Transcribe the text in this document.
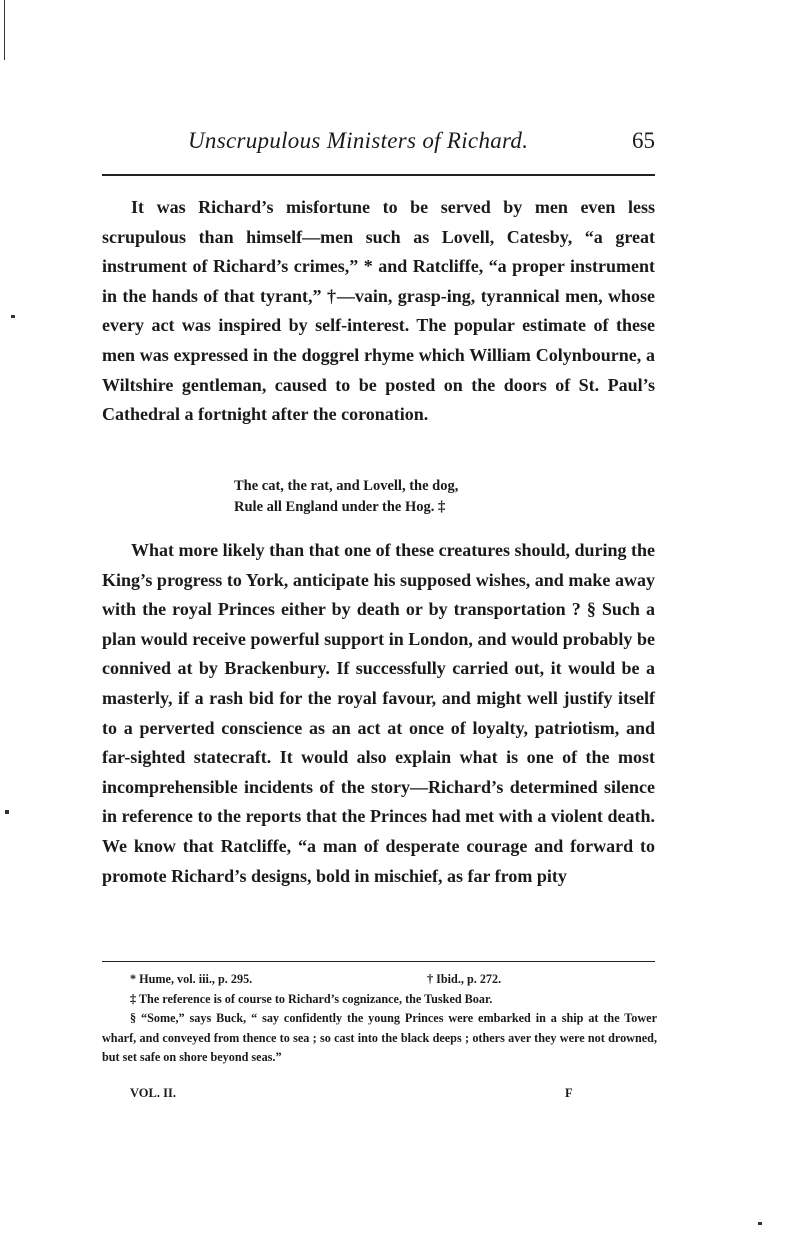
Unscrupulous Ministers of Richard.	65

It was Richard’s misfortune to be served by men even less scrupulous than himself—men such as Lovell, Catesby, “a great instrument of Richard’s crimes,” * and Ratcliffe, “a proper instrument in the hands of that tyrant,” †—vain, grasp-ing, tyrannical men, whose every act was inspired by self-interest. The popular estimate of these men was expressed in the doggrel rhyme which William Colynbourne, a Wiltshire gentleman, caused to be posted on the doors of St. Paul’s Cathedral a fortnight after the coronation.

The cat, the rat, and Lovell, the dog,
Rule all England under the Hog. ‡

What more likely than that one of these creatures should, during the King’s progress to York, anticipate his supposed wishes, and make away with the royal Princes either by death or by transportation ? § Such a plan would receive powerful support in London, and would probably be connived at by Brackenbury. If successfully carried out, it would be a masterly, if a rash bid for the royal favour, and might well justify itself to a perverted conscience as an act at once of loyalty, patriotism, and far-sighted statecraft. It would also explain what is one of the most incomprehensible incidents of the story—Richard’s determined silence in reference to the reports that the Princes had met with a violent death. We know that Ratcliffe, “a man of desperate courage and forward to promote Richard’s designs, bold in mischief, as far from pity

* Hume, vol. iii., p. 295.	† Ibid., p. 272.

‡ The reference is of course to Richard’s cognizance, the Tusked Boar.

§ “Some,” says Buck, “ say confidently the young Princes were embarked in a ship at the Tower wharf, and conveyed from thence to sea ; so cast into the black deeps ; others aver they were not drowned, but set safe on shore beyond seas.”

VOL. II.	F
